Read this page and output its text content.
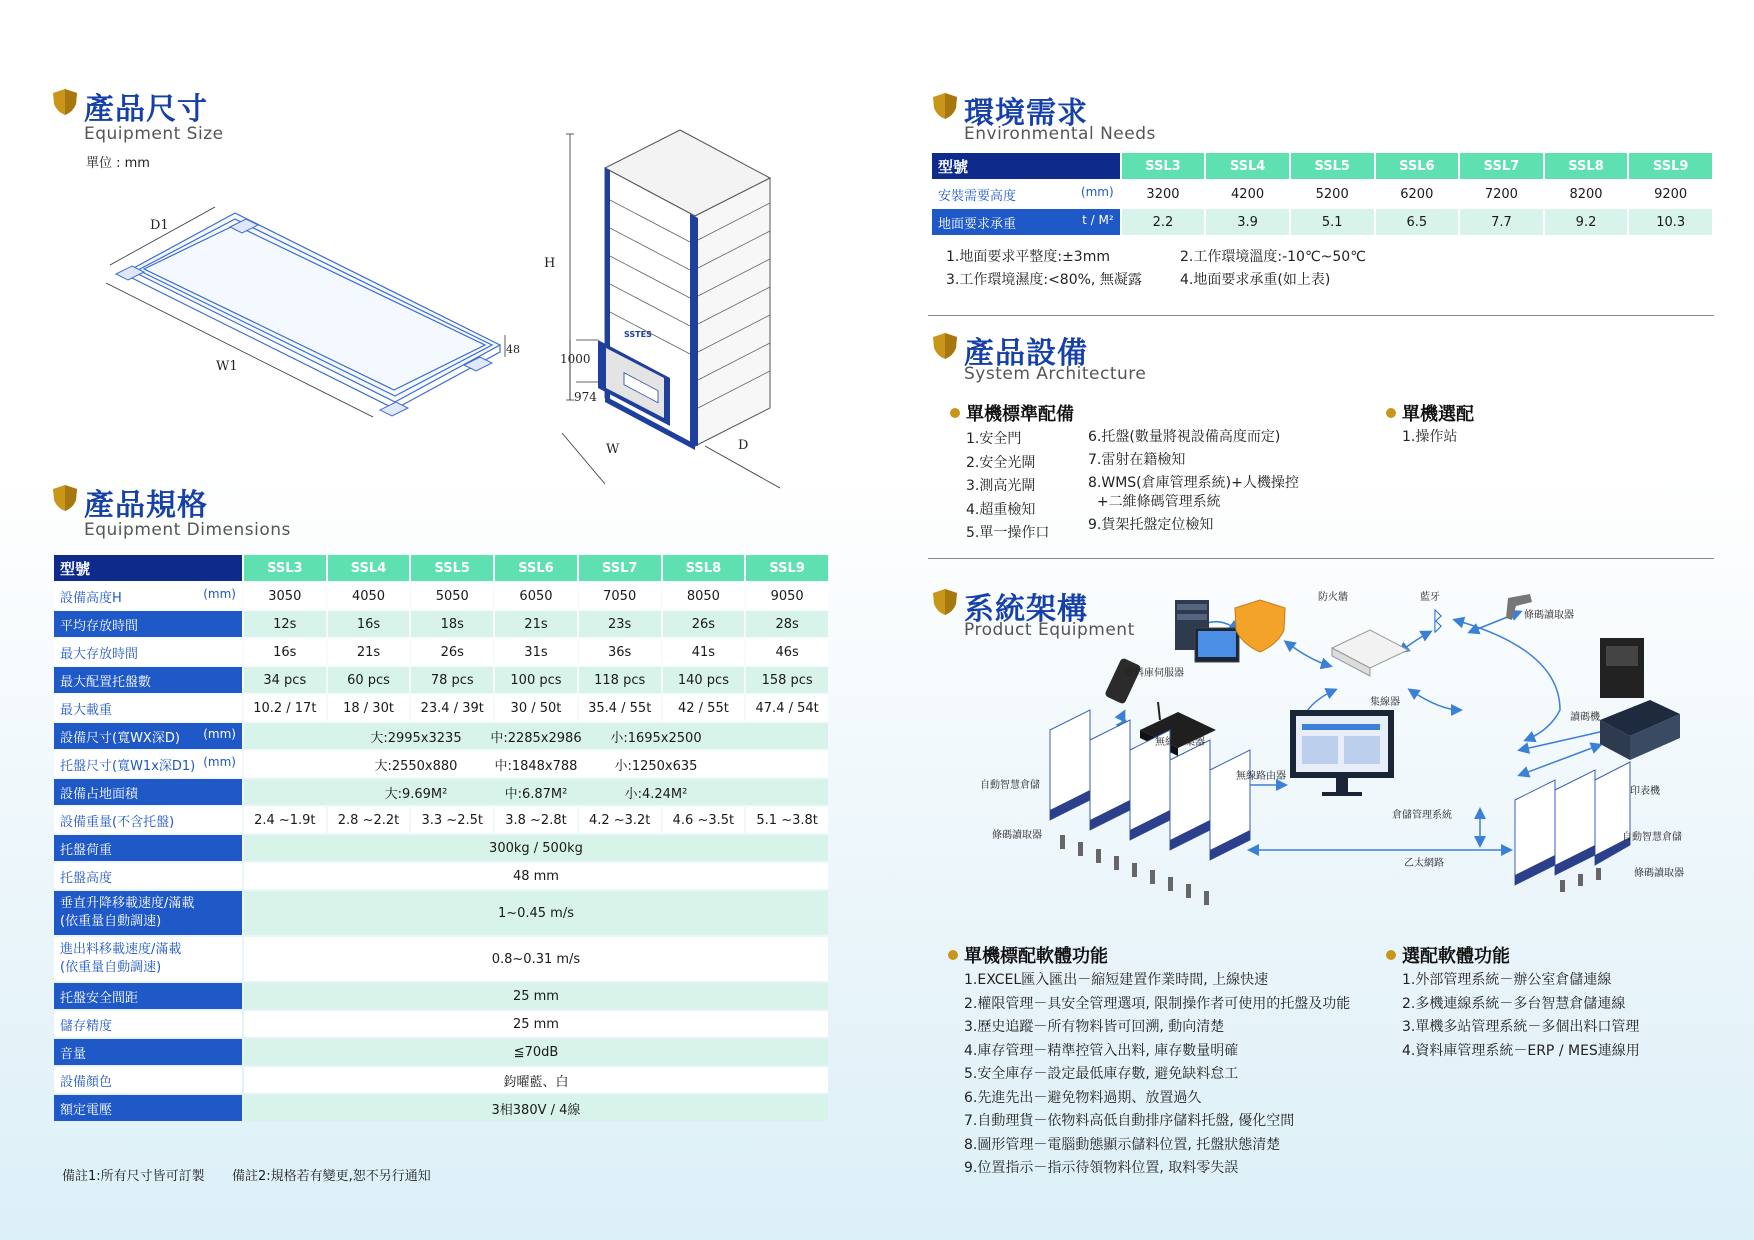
產品尺寸
Equipment Size
單位 : mm
D1
W1
48
H
1000
974
W	D
SSTES
產品規格
Equipment Dimensions
型號	SSL3	SSL4	SSL5	SSL6	SSL7	SSL8	SSL9

設備高度H (mm)	3050	4050	5050	6050	7050	8050	9050
平均存放時間	12s	16s	18s	21s	23s	26s	28s
最大存放時間	16s	21s	26s	31s	36s	41s	46s
最大配置托盤數	34 pcs	60 pcs	78 pcs	100 pcs	118 pcs	140 pcs	158 pcs
最大載重	10.2 / 17t	18 / 30t	23.4 / 39t	30 / 50t	35.4 / 55t	42 / 55t	47.4 / 54t

設備尺寸(寬WX深D) (mm)	大:2995x3235 中:2285x2986 小:1695x2500						

托盤尺寸(寬W1x深D1) (mm)	大:2550x880 中:1848x788 小:1250x635						
設備占地面積	大:9.69M² 中:6.87M² 小:4.24M²						
設備重量(不含托盤)	2.4 ~1.9t	2.8 ~2.2t	3.3 ~2.5t	3.8 ~2.8t	4.2 ~3.2t	4.6 ~3.5t	5.1 ~3.8t
托盤荷重	300kg / 500kg						
托盤高度	48 mm						
垂直升降移載速度/滿載
(依重量自動調速)	1~0.45 m/s						
進出料移載速度/滿載
(依重量自動調速)	0.8~0.31 m/s						
托盤安全間距	25 mm						
儲存精度	25 mm						
音量	≦70dB						
設備顏色	鈞曜藍、白						
額定電壓	3相380V / 4線						
備註1:所有尺寸皆可訂製 備註2:規格若有變更,恕不另行通知
環境需求
Environmental Needs
型號	SSL3	SSL4	SSL5	SSL6	SSL7	SSL8	SSL9

安裝需要高度 (mm)	3200	4200	5200	6200	7200	8200	9200

地面要求承重 t / M²	2.2	3.9	5.1	6.5	7.7	9.2	10.3
1.地面要求平整度:±3mm	2.工作環境溫度:-10℃~50℃
3.工作環境濕度:<80%, 無凝露	4.地面要求承重(如上表)
產品設備
System Architecture
單機標準配備
1.安全門
2.安全光閘
3.測高光閘
4.超重檢知
5.單一操作口
6.托盤(數量將視設備高度而定)
7.雷射在籍檢知
8.WMS(倉庫管理系統)+人機操控
+二維條碼管理系統
9.貨架托盤定位檢知
單機選配
1.操作站
系統架構
Product Equipment	ᛒ
防火牆	藍牙
條碼讀取器
資料庫伺服器
集線器
讀碼機
無線採集器
無線路由器
印表機
自動智慧倉儲
倉儲管理系統
條碼讀取器	自動智慧倉儲
乙太網路
條碼讀取器
單機標配軟體功能
1.EXCEL匯入匯出－縮短建置作業時間, 上線快速
2.權限管理－具安全管理選項, 限制操作者可使用的托盤及功能
3.歷史追蹤－所有物料皆可回溯, 動向清楚
4.庫存管理－精準控管入出料, 庫存數量明確
5.安全庫存－設定最低庫存數, 避免缺料怠工
6.先進先出－避免物料過期、放置過久
7.自動理貨－依物料高低自動排序儲料托盤, 優化空間
8.圖形管理－電腦動態顯示儲料位置, 托盤狀態清楚
9.位置指示－指示待領物料位置, 取料零失誤
選配軟體功能
1.外部管理系統－辦公室倉儲連線
2.多機連線系統－多台智慧倉儲連線
3.單機多站管理系統－多個出料口管理
4.資料庫管理系統－ERP / MES連線用
